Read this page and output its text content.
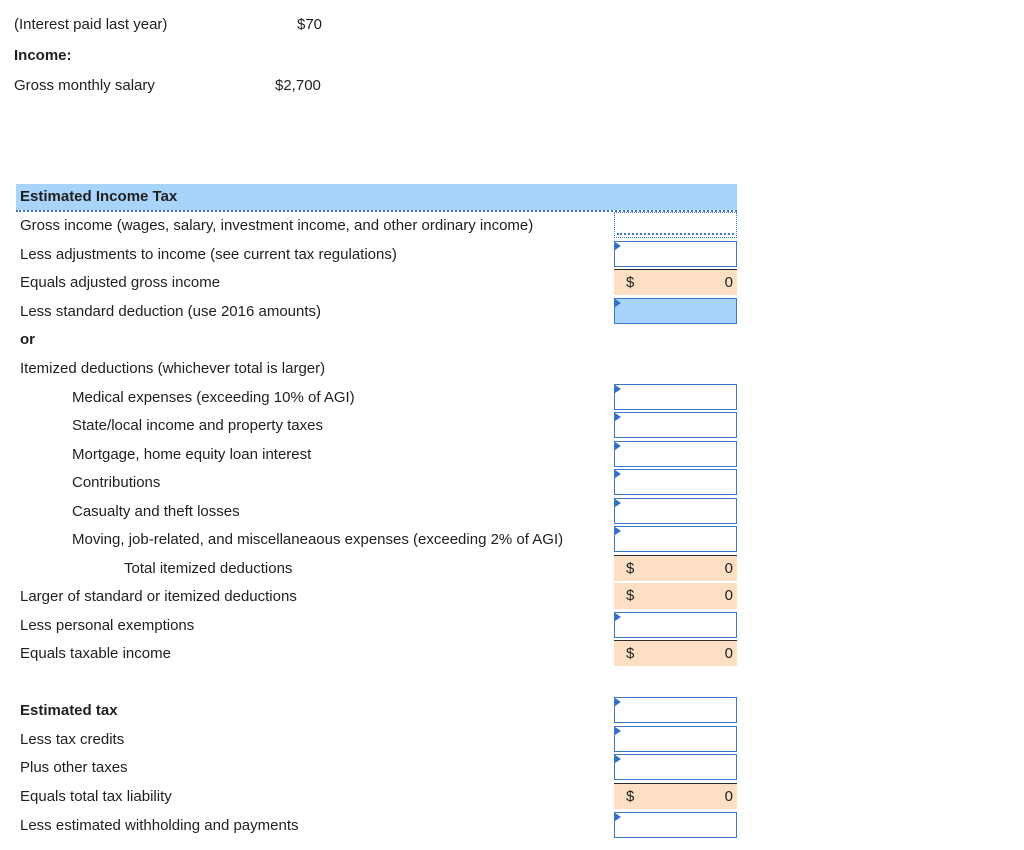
(Interest paid last year)	$70
Income:
Gross monthly salary	$2,700
Estimated Income Tax
Gross income (wages, salary, investment income, and other ordinary income)
Less adjustments to income (see current tax regulations)
Equals adjusted gross income	$	0
Less standard deduction (use 2016 amounts)
or
Itemized deductions (whichever total is larger)
Medical expenses (exceeding 10% of AGI)
State/local income and property taxes
Mortgage, home equity loan interest
Contributions
Casualty and theft losses
Moving, job-related, and miscellaneaous expenses (exceeding 2% of AGI)
Total itemized deductions	$	0
Larger of standard or itemized deductions	$	0
Less personal exemptions
Equals taxable income	$	0
Estimated tax
Less tax credits
Plus other taxes
Equals total tax liability	$	0
Less estimated withholding and payments
